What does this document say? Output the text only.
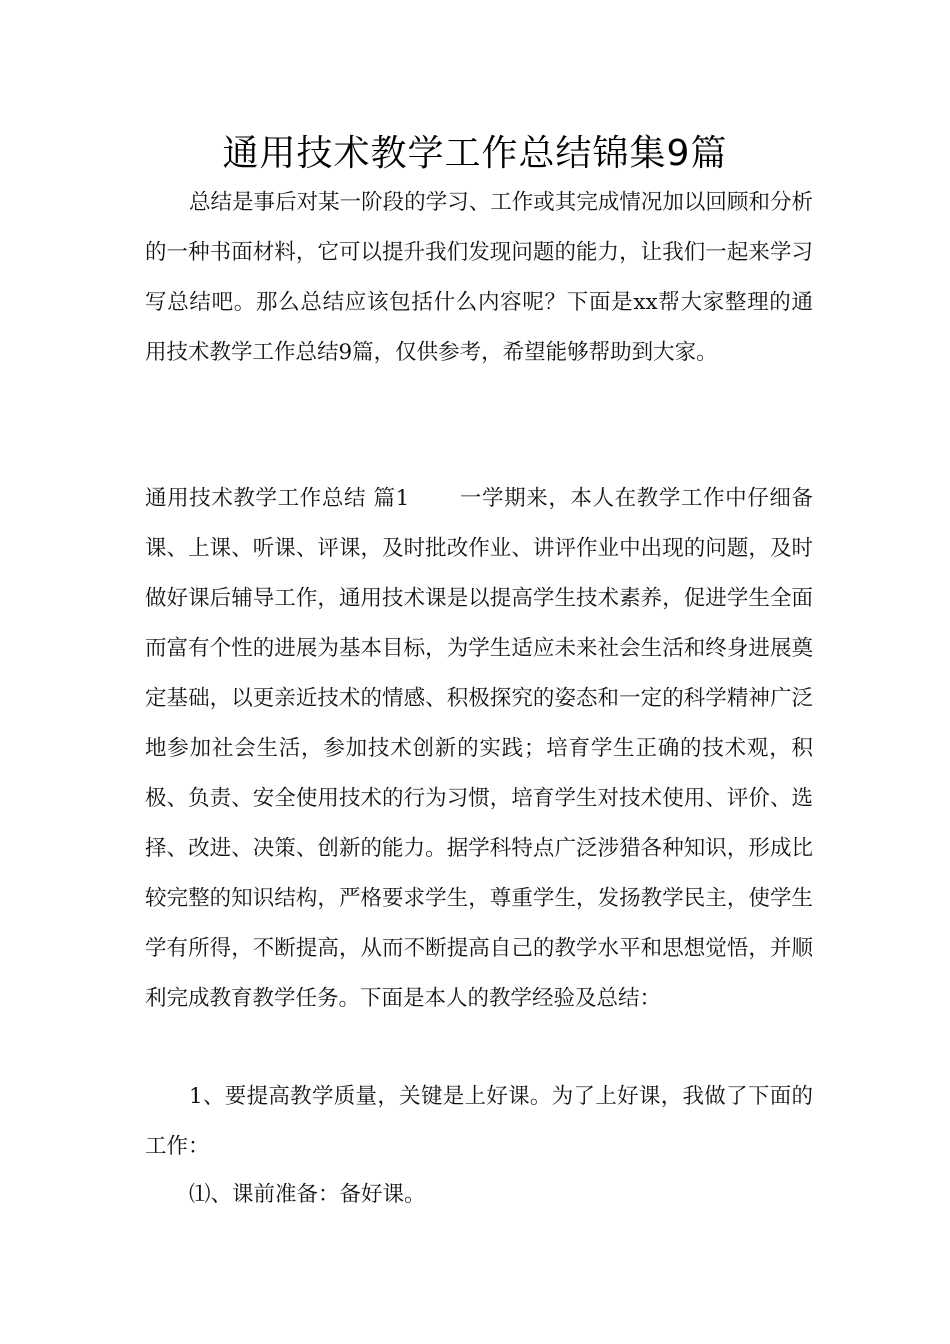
通用技术教学工作总结锦集9篇

总结是事后对某一阶段的学习、工作或其完成情况加以回顾和分析的一种书面材料，它可以提升我们发现问题的能力，让我们一起来学习写总结吧。那么总结应该包括什么内容呢？下面是xx帮大家整理的通用技术教学工作总结9篇，仅供参考，希望能够帮助到大家。

通用技术教学工作总结 篇1 一学期来，本人在教学工作中仔细备课、上课、听课、评课，及时批改作业、讲评作业中出现的问题，及时做好课后辅导工作，通用技术课是以提高学生技术素养，促进学生全面而富有个性的进展为基本目标，为学生适应未来社会生活和终身进展奠定基础，以更亲近技术的情感、积极探究的姿态和一定的科学精神广泛地参加社会生活，参加技术创新的实践；培育学生正确的技术观，积极、负责、安全使用技术的行为习惯，培育学生对技术使用、评价、选择、改进、决策、创新的能力。据学科特点广泛涉猎各种知识，形成比较完整的知识结构，严格要求学生，尊重学生，发扬教学民主，使学生学有所得，不断提高，从而不断提高自己的教学水平和思想觉悟，并顺利完成教育教学任务。下面是本人的教学经验及总结：

1、要提高教学质量，关键是上好课。为了上好课，我做了下面的工作：

⑴、课前准备：备好课。
